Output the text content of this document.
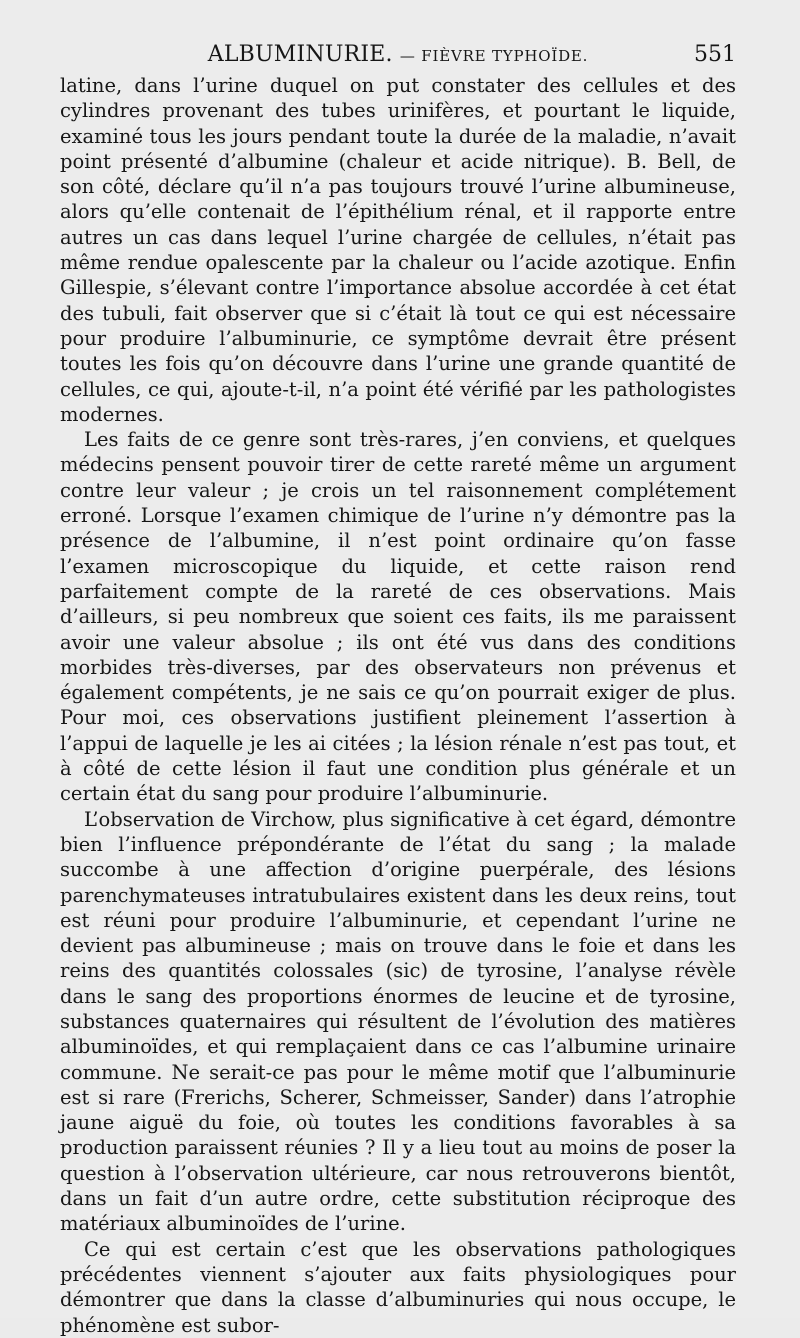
ALBUMINURIE. — FIÈVRE TYPHOÏDE.	551

latine, dans l’urine duquel on put constater des cellules et des cylindres provenant des tubes urinifères, et pourtant le liquide, examiné tous les jours pendant toute la durée de la maladie, n’avait point présenté d’albumine (chaleur et acide nitrique). B. Bell, de son côté, déclare qu’il n’a pas toujours trouvé l’urine albumineuse, alors qu’elle contenait de l’épithélium rénal, et il rapporte entre autres un cas dans lequel l’urine chargée de cellules, n’était pas même rendue opalescente par la chaleur ou l’acide azotique. Enfin Gillespie, s’élevant contre l’importance absolue accordée à cet état des tubuli, fait observer que si c’était là tout ce qui est nécessaire pour produire l’albuminurie, ce symptôme devrait être présent toutes les fois qu’on découvre dans l’urine une grande quantité de cellules, ce qui, ajoute-t-il, n’a point été vérifié par les pathologistes modernes.

Les faits de ce genre sont très-rares, j’en conviens, et quelques médecins pensent pouvoir tirer de cette rareté même un argument contre leur valeur ; je crois un tel raisonnement complétement erroné. Lorsque l’examen chimique de l’urine n’y démontre pas la présence de l’albumine, il n’est point ordinaire qu’on fasse l’examen microscopique du liquide, et cette raison rend parfaitement compte de la rareté de ces observations. Mais d’ailleurs, si peu nombreux que soient ces faits, ils me paraissent avoir une valeur absolue ; ils ont été vus dans des conditions morbides très-diverses, par des observateurs non prévenus et également compétents, je ne sais ce qu’on pourrait exiger de plus. Pour moi, ces observations justifient pleinement l’assertion à l’appui de laquelle je les ai citées ; la lésion rénale n’est pas tout, et à côté de cette lésion il faut une condition plus générale et un certain état du sang pour produire l’albuminurie.

L’observation de Virchow, plus significative à cet égard, démontre bien l’influence prépondérante de l’état du sang ; la malade succombe à une affection d’origine puerpérale, des lésions parenchymateuses intratubulaires existent dans les deux reins, tout est réuni pour produire l’albuminurie, et cependant l’urine ne devient pas albumineuse ; mais on trouve dans le foie et dans les reins des quantités colossales (sic) de tyrosine, l’analyse révèle dans le sang des proportions énormes de leucine et de tyrosine, substances quaternaires qui résultent de l’évolution des matières albuminoïdes, et qui remplaçaient dans ce cas l’albumine urinaire commune. Ne serait-ce pas pour le même motif que l’albuminurie est si rare (Frerichs, Scherer, Schmeisser, Sander) dans l’atrophie jaune aiguë du foie, où toutes les conditions favorables à sa production paraissent réunies ? Il y a lieu tout au moins de poser la question à l’observation ultérieure, car nous retrouverons bientôt, dans un fait d’un autre ordre, cette substitution réciproque des matériaux albuminoïdes de l’urine.

Ce qui est certain c’est que les observations pathologiques précédentes viennent s’ajouter aux faits physiologiques pour démontrer que dans la classe d’albuminuries qui nous occupe, le phénomène est subor-
